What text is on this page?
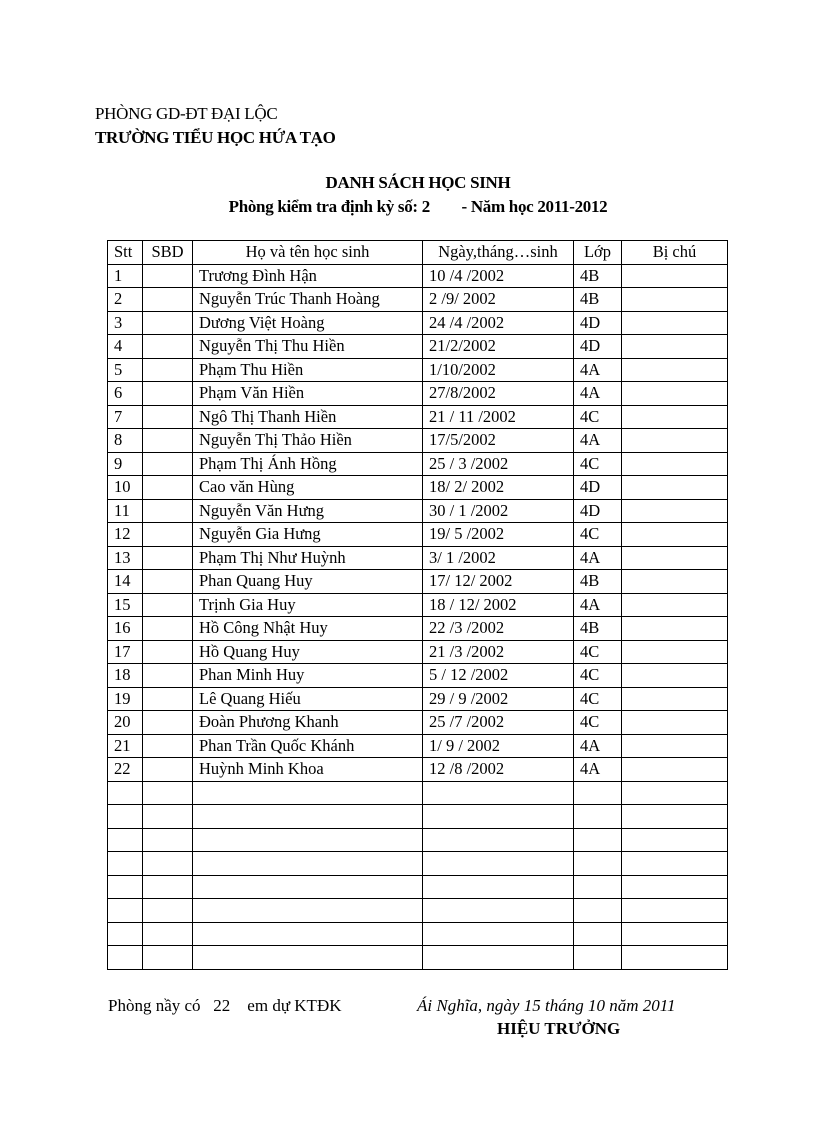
PHÒNG GD-ĐT ĐẠI LỘC
TRƯỜNG TIỂU HỌC HỨA TẠO
DANH SÁCH HỌC SINH
Phòng kiểm tra định kỳ số: 2        - Năm học 2011-2012
Stt	SBD	Họ và tên học sinh	Ngày,tháng…sinh	Lớp	Bị chú
1		Trương Đình Hận	10 /4 /2002	4B	
2		Nguyễn Trúc Thanh Hoàng	2 /9/ 2002	4B	
3		Dương Việt Hoàng	24 /4 /2002	4D	
4		Nguyễn Thị Thu Hiền	21/2/2002	4D	
5		Phạm Thu Hiền	1/10/2002	4A	
6		Phạm Văn Hiền	27/8/2002	4A	
7		Ngô Thị Thanh Hiền	21 / 11 /2002	4C	
8		Nguyễn Thị Thảo Hiền	17/5/2002	4A	
9		Phạm Thị Ánh Hồng	25 / 3 /2002	4C	
10		Cao văn Hùng	18/ 2/ 2002	4D	
11		Nguyễn Văn Hưng	30 / 1 /2002	4D	
12		Nguyễn Gia Hưng	19/ 5 /2002	4C	
13		Phạm Thị Như Huỳnh	3/ 1 /2002	4A	
14		Phan Quang Huy	17/ 12/ 2002	4B	
15		Trịnh Gia Huy	18 / 12/ 2002	4A	
16		Hồ Công Nhật Huy	22 /3 /2002	4B	
17		Hồ Quang Huy	21 /3 /2002	4C	
18		Phan Minh Huy	5 / 12 /2002	4C	
19		Lê Quang Hiếu	29 / 9 /2002	4C	
20		Đoàn Phương Khanh	25 /7 /2002	4C	
21		Phan Trần Quốc Khánh	1/ 9 / 2002	4A	
22		Huỳnh Minh Khoa	12 /8 /2002	4A	

Phòng nầy có   22    em dự KTĐK	Ái Nghĩa, ngày 15 tháng 10 năm 2011
HIỆU TRƯỞNG
